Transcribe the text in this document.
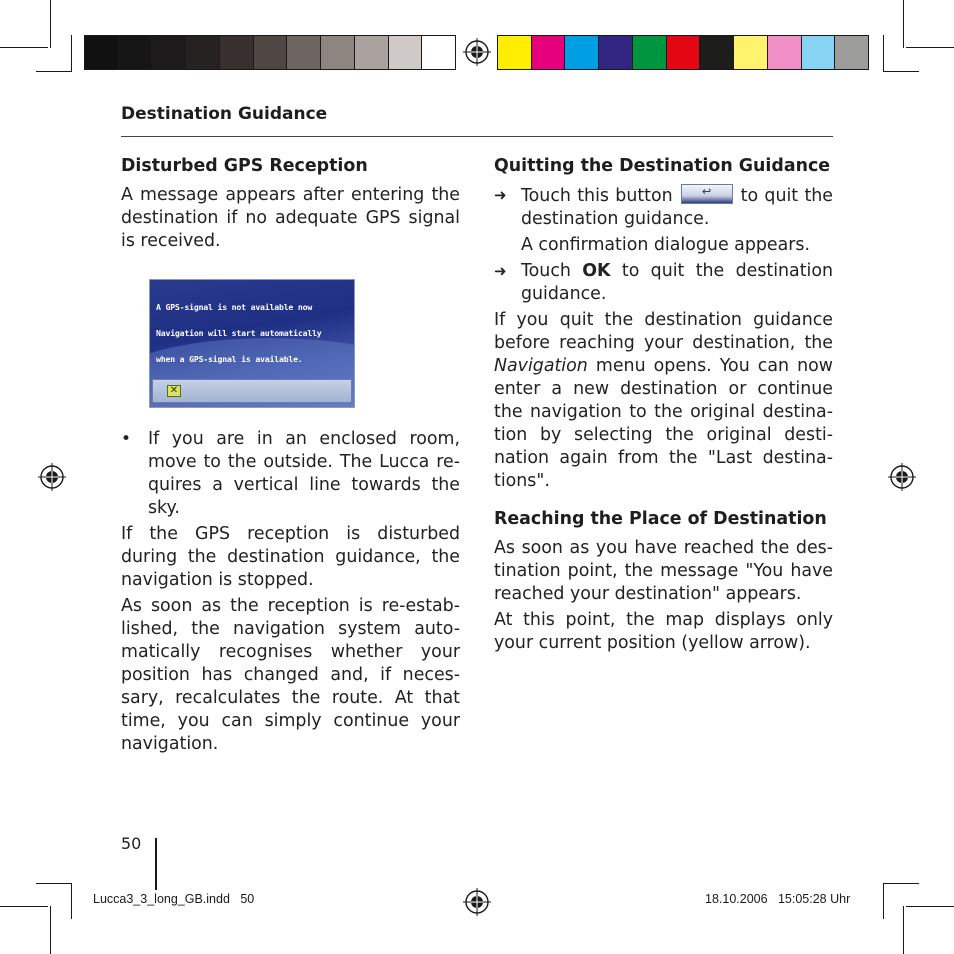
Destination Guidance
Disturbed GPS Reception

A message appears after entering the destination if no adequate GPS signal is received.

A GPS-signal is not available now

Navigation will start automatically

when a GPS-signal is available.

✕
• If you are in an enclosed room, move to the outside. The Lucca re-quires a vertical line towards the sky.

If the GPS reception is disturbed during the destination guidance, the navigation is stopped.

As soon as the reception is re-estab-lished, the navigation system auto-matically recognises whether your position has changed and, if neces-sary, recalculates the route. At that time, you can simply continue your navigation.

Quitting the Destination Guidance
➜ Touch this button	↩	to quit the destination guidance.
A confirmation dialogue appears.
➜ Touch OK to quit the destination guidance.

If you quit the destination guidance before reaching your destination, the Navigation menu opens. You can now enter a new destination or continue the navigation to the original destina-tion by selecting the original desti-nation again from the "Last destina-tions".

Reaching the Place of Destination

As soon as you have reached the des-tination point, the message "You have reached your destination" appears.

At this point, the map displays only your current position (yellow arrow).

50
Lucca3_3_long_GB.indd   50	18.10.2006   15:05:28 Uhr
